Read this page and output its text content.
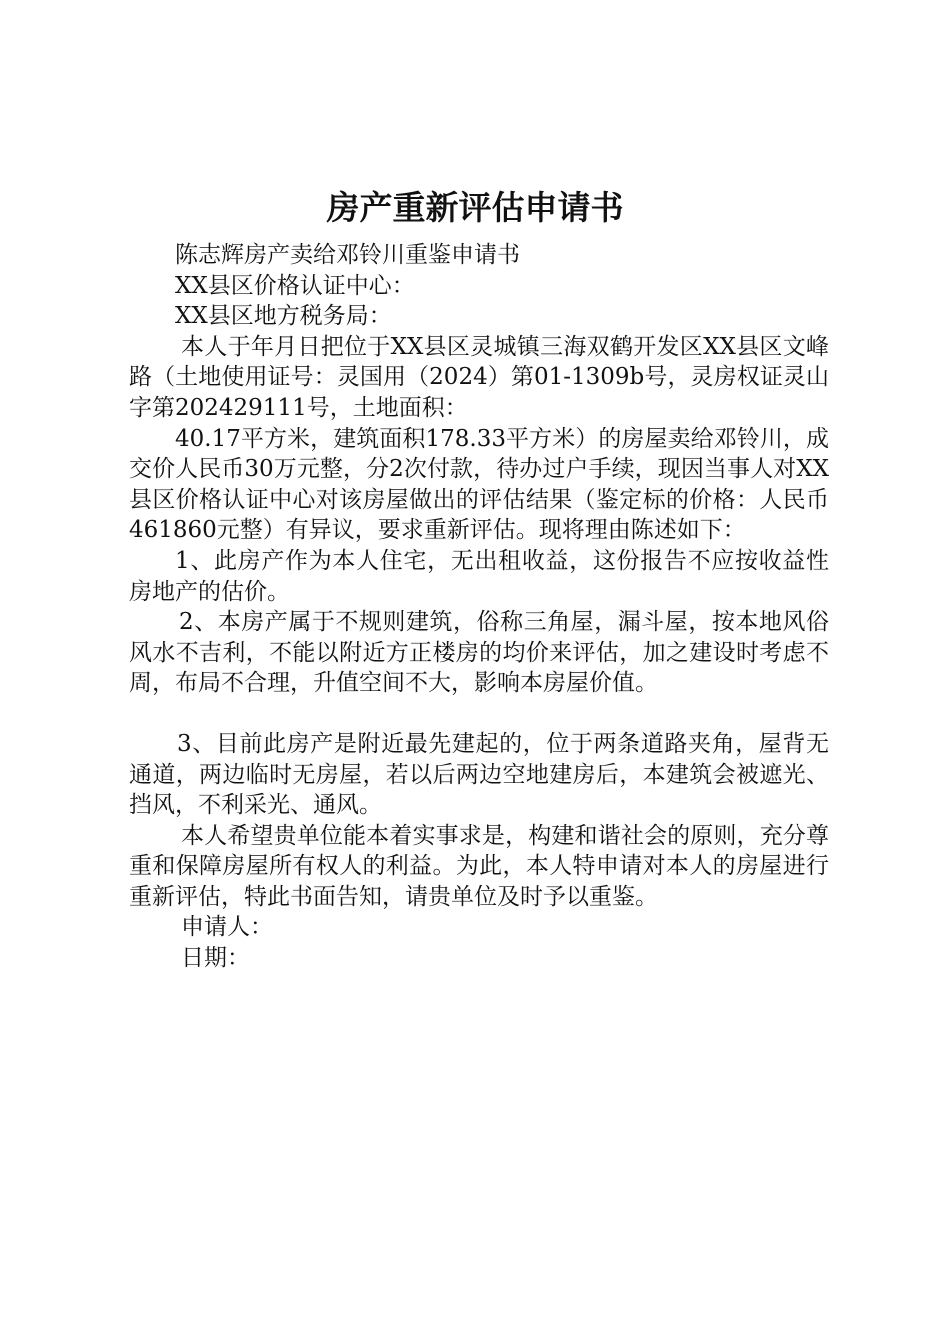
房产重新评估申请书

陈志辉房产卖给邓铃川重鉴申请书

XX县区价格认证中心：

XX县区地方税务局：

本人于年月日把位于XX县区灵城镇三海双鹤开发区XX县区文峰路（土地使用证号：灵国用（2024）第01-1309b号，灵房权证灵山字第202429111号，土地面积：

40.17平方米，建筑面积178.33平方米）的房屋卖给邓铃川，成交价人民币30万元整，分2次付款，待办过户手续，现因当事人对XX县区价格认证中心对该房屋做出的评估结果（鉴定标的价格：人民币461860元整）有异议，要求重新评估。现将理由陈述如下：

1、此房产作为本人住宅，无出租收益，这份报告不应按收益性房地产的估价。

2、本房产属于不规则建筑，俗称三角屋，漏斗屋，按本地风俗风水不吉利，不能以附近方正楼房的均价来评估，加之建设时考虑不周，布局不合理，升值空间不大，影响本房屋价值。

3、目前此房产是附近最先建起的，位于两条道路夹角，屋背无通道，两边临时无房屋，若以后两边空地建房后，本建筑会被遮光、挡风，不利采光、通风。

本人希望贵单位能本着实事求是，构建和谐社会的原则，充分尊重和保障房屋所有权人的利益。为此，本人特申请对本人的房屋进行重新评估，特此书面告知，请贵单位及时予以重鉴。

申请人：

日期：
